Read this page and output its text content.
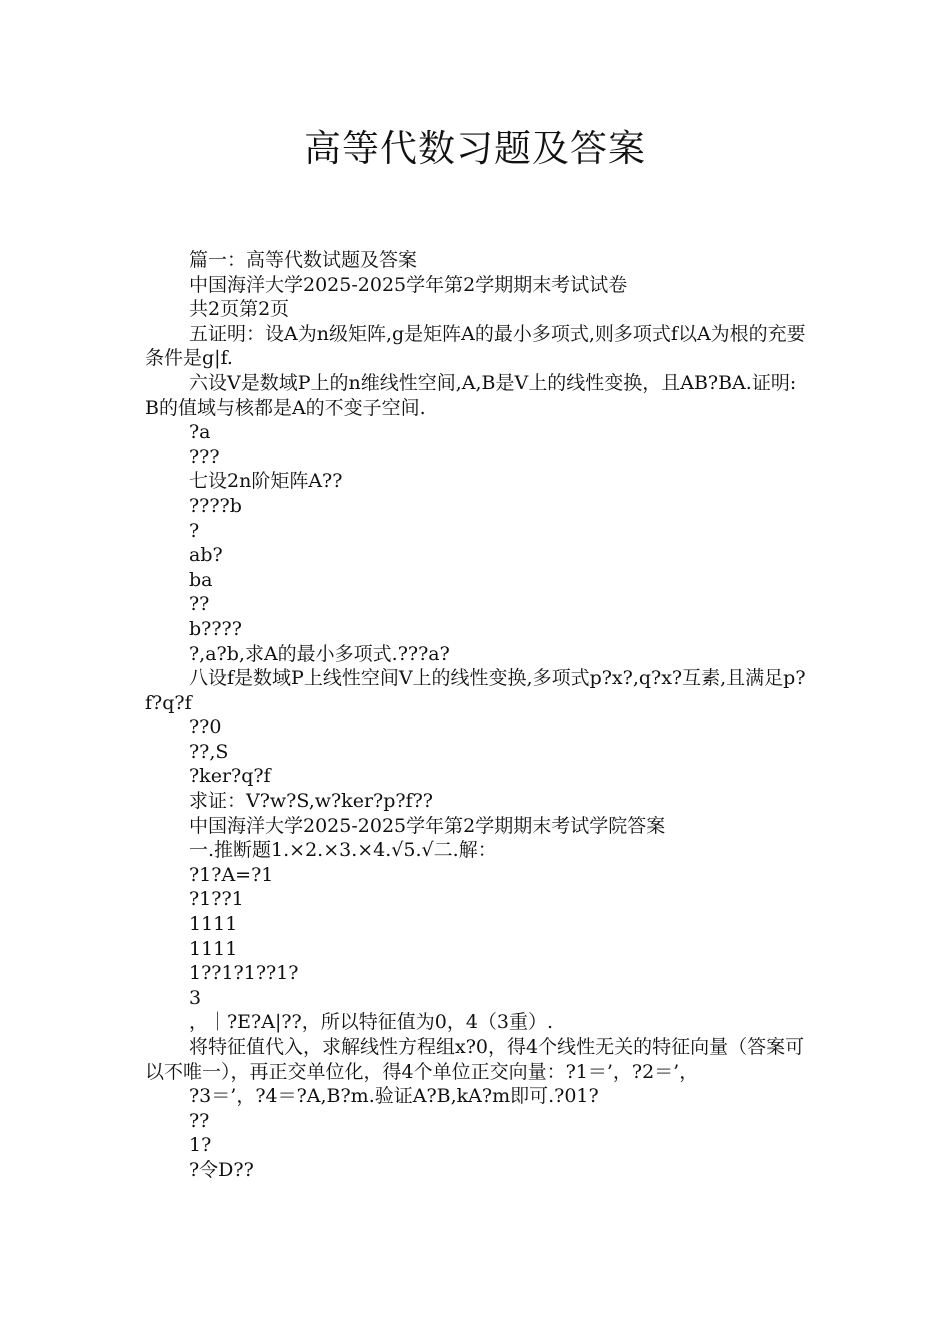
高等代数习题及答案

篇一：高等代数试题及答案

中国海洋大学2025-2025学年第2学期期末考试试卷

共2页第2页

五证明：设A为n级矩阵,g是矩阵A的最小多项式,则多项式f以A为根的充要条件是g|f.

六设V是数域P上的n维线性空间,A,B是V上的线性变换，且AB?BA.证明:B的值域与核都是A的不变子空间.

?a

???

七设2n阶矩阵A??

????b

?

ab?

ba

??

b????

?,a?b,求A的最小多项式.???a?

八设f是数域P上线性空间V上的线性变换,多项式p?x?,q?x?互素,且满足p?f?q?f

??0

??,S

?ker?q?f

求证：V?w?S,w?ker?p?f??

中国海洋大学2025-2025学年第2学期期末考试学院答案

一.推断题1.×2.×3.×4.√5.√二.解：

?1?A=?1

?1??1

1111

1111

1??1?1??1?

3

，｜?E?A|??，所以特征值为0，4（3重）.

将特征值代入，求解线性方程组x?0，得4个线性无关的特征向量（答案可以不唯一），再正交单位化，得4个单位正交向量：?1＝’，?2＝’，

?3＝’，?4＝?A,B?m.验证A?B,kA?m即可.?01?

??

1?

?令D??
